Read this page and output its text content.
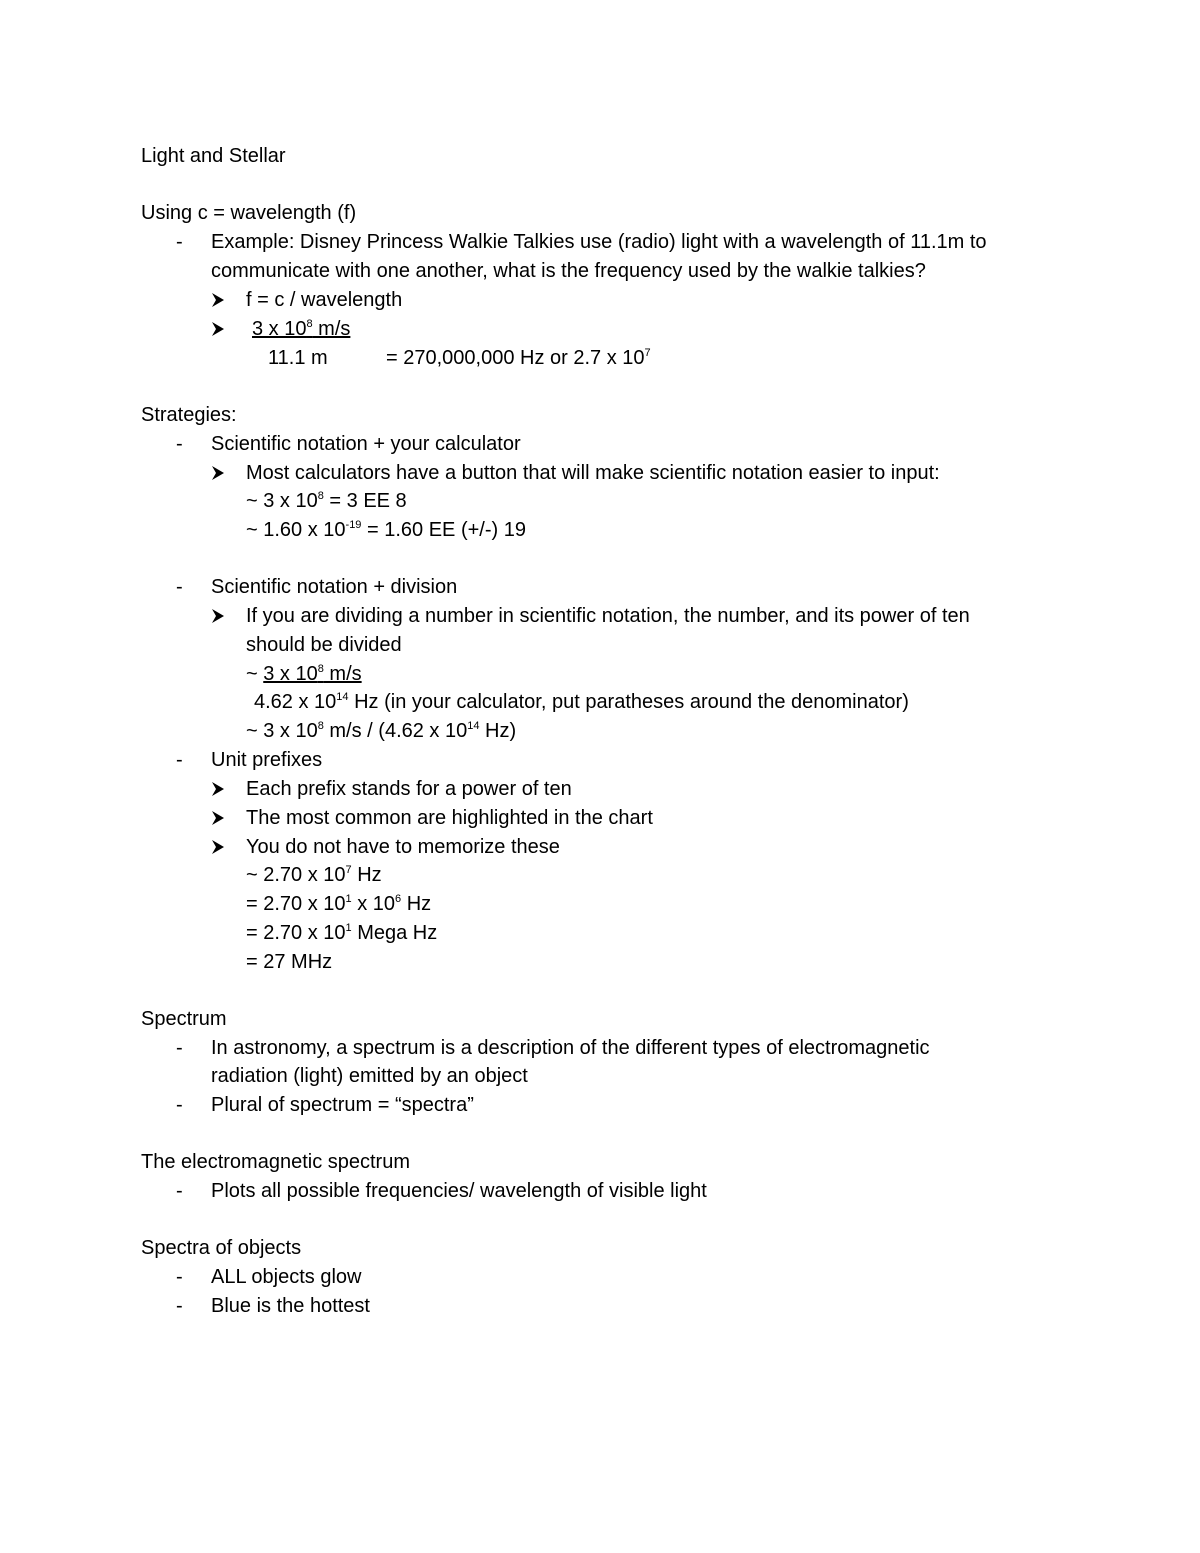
Light and Stellar
Using c = wavelength (f)
- Example: Disney Princess Walkie Talkies use (radio) light with a wavelength of 11.1m to
communicate with one another, what is the frequency used by the walkie talkies?
f = c / wavelength
3 x $10^8$ m/s
11.1 m	= 270,000,000 Hz or 2.7 x $10^7$
Strategies:
- Scientific notation + your calculator
Most calculators have a button that will make scientific notation easier to input:
~ 3 x $10^8 = 3$ EE 8
~ 1.60 x $10^{-19} = 1.60$ EE (+/-) 19
- Scientific notation + division
If you are dividing a number in scientific notation, the number, and its power of ten
should be divided
~ 3 x $10^8$ m/s
4.62 x $10^{14}$ Hz (in your calculator, put paratheses around the denominator)
~ 3 x $10^8$ m/s / (4.62 x $10^{14}$ Hz)
- Unit prefixes
Each prefix stands for a power of ten
The most common are highlighted in the chart
You do not have to memorize these
~ 2.70 x $10^7$ Hz
= 2.70 x $10^1$ x $10^6$ Hz
= 2.70 x $10^1$ Mega Hz
= 27 MHz
Spectrum
- In astronomy, a spectrum is a description of the different types of electromagnetic
radiation (light) emitted by an object
- Plural of spectrum = “spectra”
The electromagnetic spectrum
- Plots all possible frequencies/ wavelength of visible light
Spectra of objects
- ALL objects glow
- Blue is the hottest
